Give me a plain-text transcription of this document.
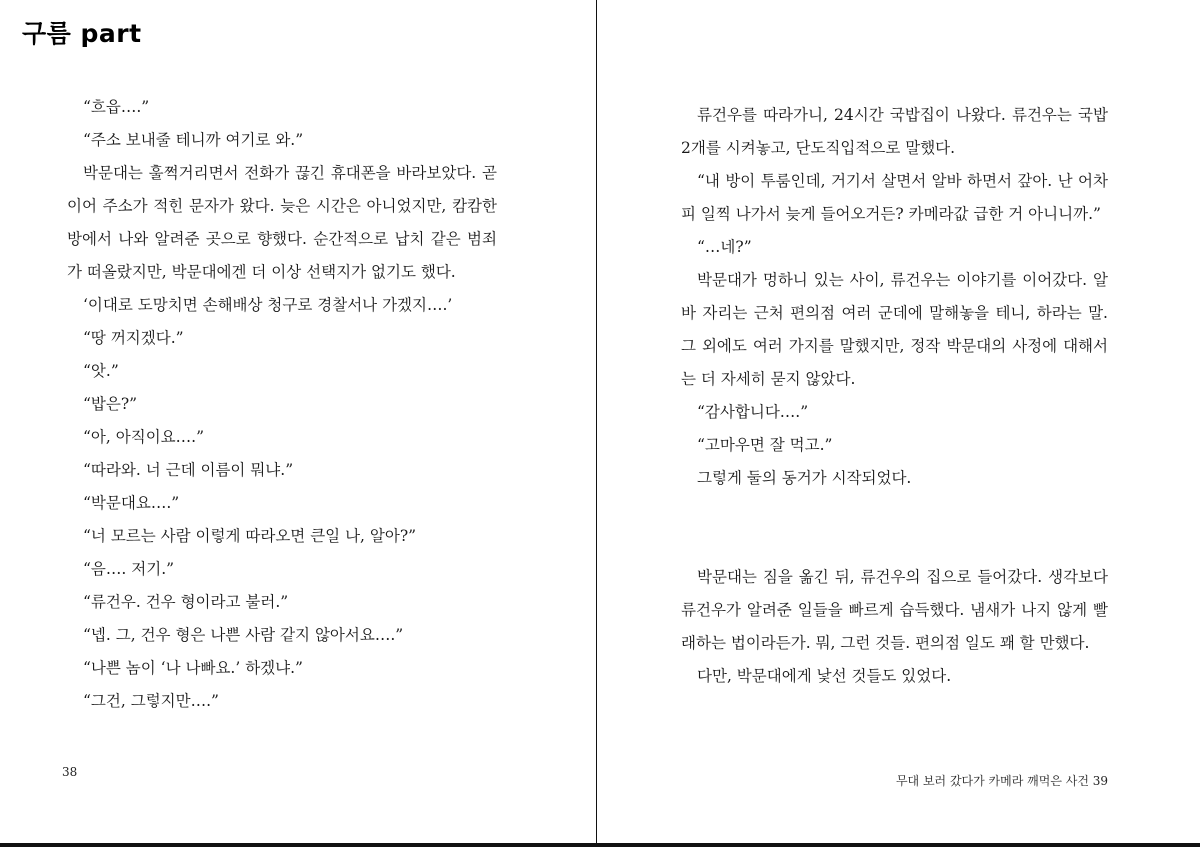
구름 part

“흐읍….”

“주소 보내줄 테니까 여기로 와.”

박문대는 훌쩍거리면서 전화가 끊긴 휴대폰을 바라보았다. 곧이어 주소가 적힌 문자가 왔다. 늦은 시간은 아니었지만, 캄캄한 방에서 나와 알려준 곳으로 향했다. 순간적으로 납치 같은 범죄가 떠올랐지만, 박문대에겐 더 이상 선택지가 없기도 했다.

‘이대로 도망치면 손해배상 청구로 경찰서나 가겠지….’

“땅 꺼지겠다.”

“앗.”

“밥은?”

“아, 아직이요….”

“따라와. 너 근데 이름이 뭐냐.”

“박문대요….”

“너 모르는 사람 이렇게 따라오면 큰일 나, 알아?”

“음…. 저기.”

“류건우. 건우 형이라고 불러.”

“넵. 그, 건우 형은 나쁜 사람 같지 않아서요….”

“나쁜 놈이 ‘나 나빠요.’ 하겠냐.”

“그건, 그렇지만….”

38

류건우를 따라가니, 24시간 국밥집이 나왔다. 류건우는 국밥 2개를 시켜놓고, 단도직입적으로 말했다.

“내 방이 투룸인데, 거기서 살면서 알바 하면서 갚아. 난 어차피 일찍 나가서 늦게 들어오거든? 카메라값 급한 거 아니니까.”

“…네?”

박문대가 멍하니 있는 사이, 류건우는 이야기를 이어갔다. 알바 자리는 근처 편의점 여러 군데에 말해놓을 테니, 하라는 말. 그 외에도 여러 가지를 말했지만, 정작 박문대의 사정에 대해서는 더 자세히 묻지 않았다.

“감사합니다….”

“고마우면 잘 먹고.”

그렇게 둘의 동거가 시작되었다.

박문대는 짐을 옮긴 뒤, 류건우의 집으로 들어갔다. 생각보다 류건우가 알려준 일들을 빠르게 습득했다. 냄새가 나지 않게 빨래하는 법이라든가. 뭐, 그런 것들. 편의점 일도 꽤 할 만했다.

다만, 박문대에게 낯선 것들도 있었다.

무대 보러 갔다가 카메라 깨먹은 사건 39
